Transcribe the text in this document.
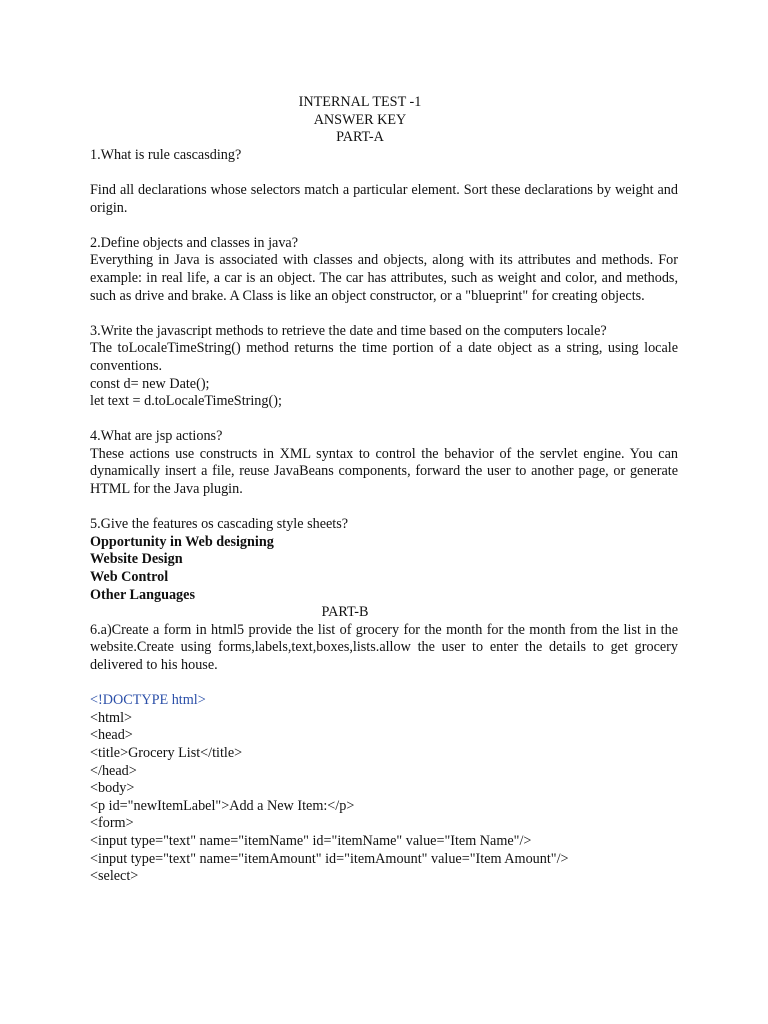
INTERNAL TEST -1
ANSWER KEY
PART-A
1.What is rule cascasding?
Find all declarations whose selectors match a particular element. Sort these declarations by weight and origin.
2.Define objects and classes in java?
Everything in Java is associated with classes and objects, along with its attributes and methods. For example: in real life, a car is an object. The car has attributes, such as weight and color, and methods, such as drive and brake. A Class is like an object constructor, or a "blueprint" for creating objects.
3.Write the javascript methods to retrieve the date and time based on the computers locale?
The toLocaleTimeString() method returns the time portion of a date object as a string, using locale conventions.
const d= new Date();
let text = d.toLocaleTimeString();
4.What are jsp actions?
These actions use constructs in XML syntax to control the behavior of the servlet engine. You can dynamically insert a file, reuse JavaBeans components, forward the user to another page, or generate HTML for the Java plugin.
5.Give the features os cascading style sheets?
Opportunity in Web designing
Website Design
Web Control
Other Languages
PART-B
6.a)Create a form in html5 provide the list of grocery for the month for the month from the list in the website.Create using forms,labels,text,boxes,lists.allow the user to enter the details to get grocery delivered to his house.
<!DOCTYPE html>
<html>
<head>
<title>Grocery List</title>
</head>
<body>
<p id="newItemLabel">Add a New Item:</p>
<form>
<input type="text" name="itemName" id="itemName" value="Item Name"/>
<input type="text" name="itemAmount" id="itemAmount" value="Item Amount"/>
<select>
